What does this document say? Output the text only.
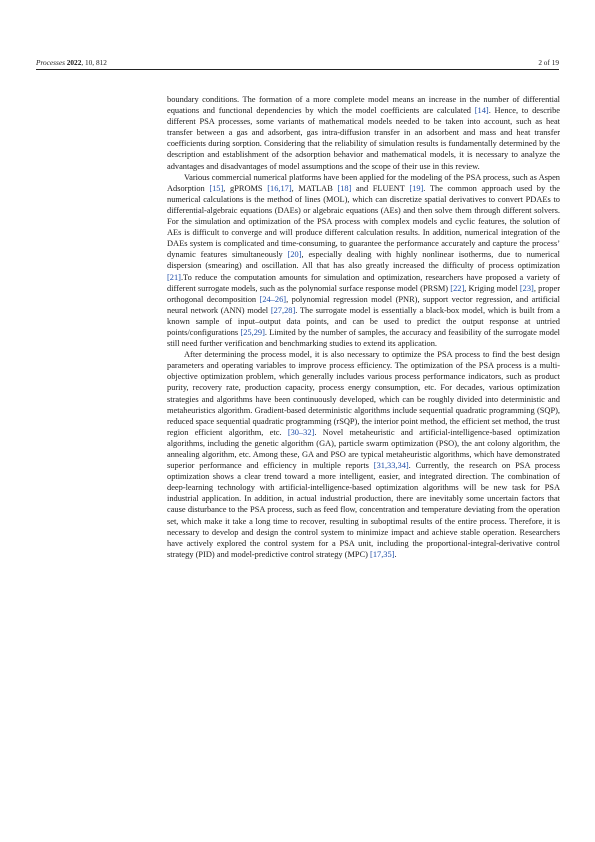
Processes 2022, 10, 812	2 of 19

boundary conditions. The formation of a more complete model means an increase in the number of differential equations and functional dependencies by which the model coefficients are calculated [14]. Hence, to describe different PSA processes, some variants of mathematical models needed to be taken into account, such as heat transfer between a gas and adsorbent, gas intra-diffusion transfer in an adsorbent and mass and heat transfer coefficients during sorption. Considering that the reliability of simulation results is fundamentally determined by the description and establishment of the adsorption behavior and mathematical models, it is necessary to analyze the advantages and disadvantages of model assumptions and the scope of their use in this review.

Various commercial numerical platforms have been applied for the modeling of the PSA process, such as Aspen Adsorption [15], gPROMS [16,17], MATLAB [18] and FLUENT [19]. The common approach used by the numerical calculations is the method of lines (MOL), which can discretize spatial derivatives to convert PDAEs to differential-algebraic equations (DAEs) or algebraic equations (AEs) and then solve them through different solvers. For the simulation and optimization of the PSA process with complex models and cyclic features, the solution of AEs is difficult to converge and will produce different calculation results. In addition, numerical integration of the DAEs system is complicated and time-consuming, to guarantee the performance accurately and capture the process’ dynamic features simultaneously [20], especially dealing with highly nonlinear isotherms, due to numerical dispersion (smearing) and oscillation. All that has also greatly increased the difficulty of process optimization [21].To reduce the computation amounts for simulation and optimization, researchers have proposed a variety of different surrogate models, such as the polynomial surface response model (PRSM) [22], Kriging model [23], proper orthogonal decomposition [24–26], polynomial regression model (PNR), support vector regression, and artificial neural network (ANN) model [27,28]. The surrogate model is essentially a black-box model, which is built from a known sample of input–output data points, and can be used to predict the output response at untried points/configurations [25,29]. Limited by the number of samples, the accuracy and feasibility of the surrogate model still need further verification and benchmarking studies to extend its application.

After determining the process model, it is also necessary to optimize the PSA process to find the best design parameters and operating variables to improve process efficiency. The optimization of the PSA process is a multi-objective optimization problem, which generally includes various process performance indicators, such as product purity, recovery rate, production capacity, process energy consumption, etc. For decades, various optimization strategies and algorithms have been continuously developed, which can be roughly divided into deterministic and metaheuristics algorithm. Gradient-based deterministic algorithms include sequential quadratic programming (SQP), reduced space sequential quadratic programming (rSQP), the interior point method, the efficient set method, the trust region efficient algorithm, etc. [30–32]. Novel metaheuristic and artificial-intelligence-based optimization algorithms, including the genetic algorithm (GA), particle swarm optimization (PSO), the ant colony algorithm, the annealing algorithm, etc. Among these, GA and PSO are typical metaheuristic algorithms, which have demonstrated superior performance and efficiency in multiple reports [31,33,34]. Currently, the research on PSA process optimization shows a clear trend toward a more intelligent, easier, and integrated direction. The combination of deep-learning technology with artificial-intelligence-based optimization algorithms will be new task for PSA industrial application. In addition, in actual industrial production, there are inevitably some uncertain factors that cause disturbance to the PSA process, such as feed flow, concentration and temperature deviating from the operation set, which make it take a long time to recover, resulting in suboptimal results of the entire process. Therefore, it is necessary to develop and design the control system to minimize impact and achieve stable operation. Researchers have actively explored the control system for a PSA unit, including the proportional-integral-derivative control strategy (PID) and model-predictive control strategy (MPC) [17,35].
